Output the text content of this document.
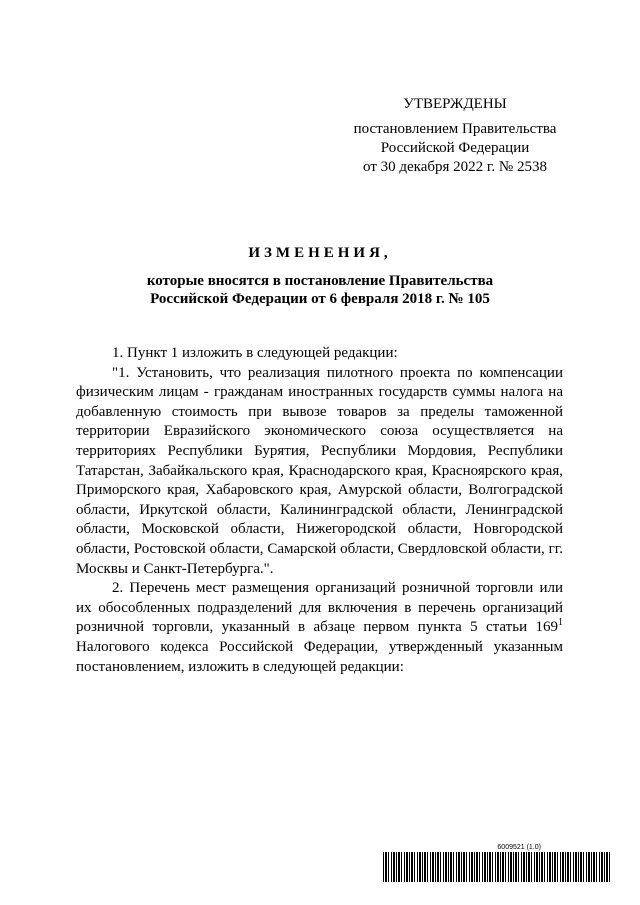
УТВЕРЖДЕНЫ
постановлением Правительства
Российской Федерации
от 30 декабря 2022 г. № 2538
ИЗМЕНЕНИЯ,
которые вносятся в постановление Правительства
Российской Федерации от 6 февраля 2018 г. № 105

1. Пункт 1 изложить в следующей редакции:

"1. Установить, что реализация пилотного проекта по компенсации физическим лицам - гражданам иностранных государств суммы налога на добавленную стоимость при вывозе товаров за пределы таможенной территории Евразийского экономического союза осуществляется на территориях Республики Бурятия, Республики Мордовия, Республики Татарстан, Забайкальского края, Краснодарского края, Красноярского края, Приморского края, Хабаровского края, Амурской области, Волгоградской области, Иркутской области, Калининградской области, Ленинградской области, Московской области, Нижегородской области, Новгородской области, Ростовской области, Самарской области, Свердловской области, гг. Москвы и Санкт-Петербурга.".

2. Перечень мест размещения организаций розничной торговли или их обособленных подразделений для включения в перечень организаций розничной торговли, указанный в абзаце первом пункта 5 статьи $169^1$ Налогового кодекса Российской Федерации, утвержденный указанным постановлением, изложить в следующей редакции:

6009521 (1.0)
